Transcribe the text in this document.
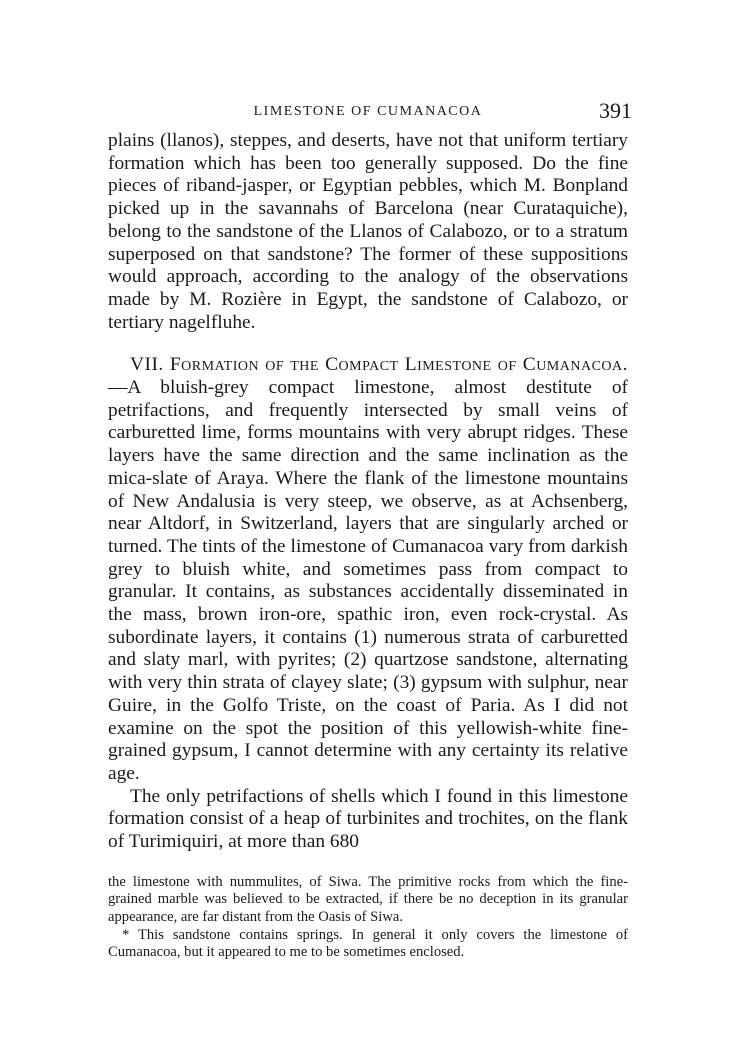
LIMESTONE OF CUMANACOA	391

plains (llanos), steppes, and deserts, have not that uniform tertiary formation which has been too generally supposed. Do the fine pieces of riband-jasper, or Egyptian pebbles, which M. Bonpland picked up in the savannahs of Barcelona (near Curataquiche), belong to the sandstone of the Llanos of Calabozo, or to a stratum superposed on that sandstone? The former of these suppositions would approach, according to the analogy of the observations made by M. Rozière in Egypt, the sandstone of Calabozo, or tertiary nagelfluhe.

VII. Formation of the Compact Limestone of Cumanacoa.—A bluish-grey compact limestone, almost destitute of petrifactions, and frequently intersected by small veins of carburetted lime, forms mountains with very abrupt ridges. These layers have the same direction and the same inclination as the mica-slate of Araya. Where the flank of the limestone mountains of New Andalusia is very steep, we observe, as at Achsenberg, near Altdorf, in Switzerland, layers that are singularly arched or turned. The tints of the limestone of Cumanacoa vary from darkish grey to bluish white, and sometimes pass from compact to granular. It contains, as substances accidentally disseminated in the mass, brown iron-ore, spathic iron, even rock-crystal. As subordinate layers, it contains (1) numerous strata of carburetted and slaty marl, with pyrites; (2) quartzose sandstone, alternating with very thin strata of clayey slate; (3) gypsum with sulphur, near Guire, in the Golfo Triste, on the coast of Paria. As I did not examine on the spot the position of this yellowish-white fine-grained gypsum, I cannot determine with any certainty its relative age.

The only petrifactions of shells which I found in this limestone formation consist of a heap of turbinites and trochites, on the flank of Turimiquiri, at more than 680

the limestone with nummulites, of Siwa. The primitive rocks from which the fine-grained marble was believed to be extracted, if there be no deception in its granular appearance, are far distant from the Oasis of Siwa.

* This sandstone contains springs. In general it only covers the limestone of Cumanacoa, but it appeared to me to be sometimes enclosed.
